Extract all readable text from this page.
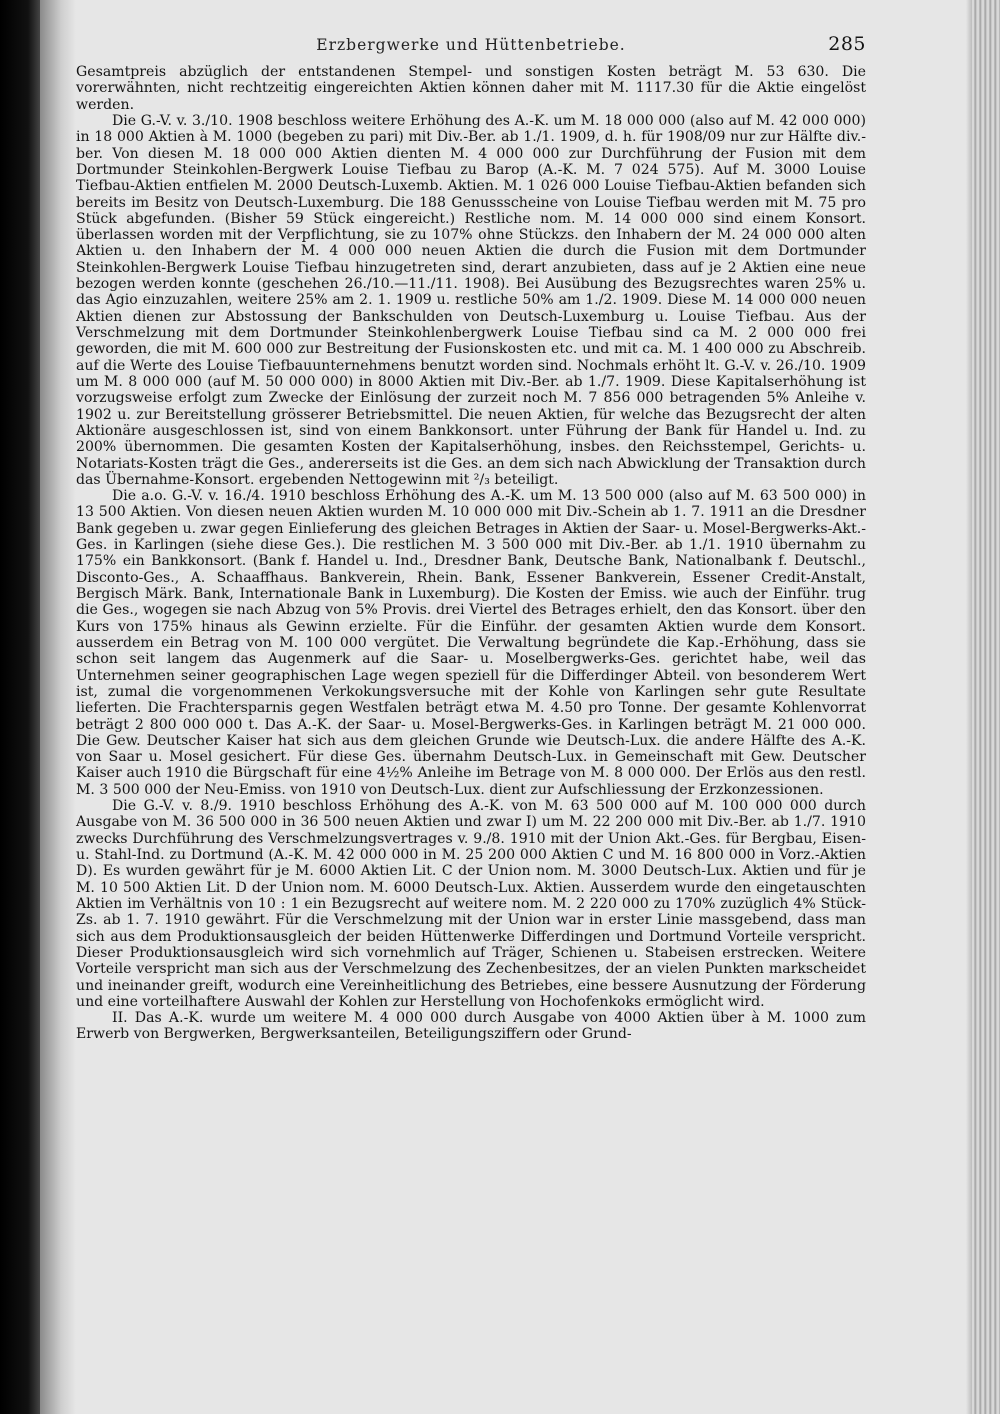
Erzbergwerke und Hüttenbetriebe.	285

Gesamtpreis abzüglich der entstandenen Stempel- und sonstigen Kosten beträgt M. 53 630. Die vorerwähnten, nicht rechtzeitig eingereichten Aktien können daher mit M. 1117.30 für die Aktie eingelöst werden.

Die G.-V. v. 3./10. 1908 beschloss weitere Erhöhung des A.-K. um M. 18 000 000 (also auf M. 42 000 000) in 18 000 Aktien à M. 1000 (begeben zu pari) mit Div.-Ber. ab 1./1. 1909, d. h. für 1908/09 nur zur Hälfte div.-ber. Von diesen M. 18 000 000 Aktien dienten M. 4 000 000 zur Durchführung der Fusion mit dem Dortmunder Steinkohlen-Bergwerk Louise Tiefbau zu Barop (A.-K. M. 7 024 575). Auf M. 3000 Louise Tiefbau-Aktien entfielen M. 2000 Deutsch-Luxemb. Aktien. M. 1 026 000 Louise Tiefbau-Aktien befanden sich bereits im Besitz von Deutsch-Luxemburg. Die 188 Genussscheine von Louise Tiefbau werden mit M. 75 pro Stück abgefunden. (Bisher 59 Stück eingereicht.) Restliche nom. M. 14 000 000 sind einem Konsort. überlassen worden mit der Verpflichtung, sie zu 107% ohne Stückzs. den Inhabern der M. 24 000 000 alten Aktien u. den Inhabern der M. 4 000 000 neuen Aktien die durch die Fusion mit dem Dortmunder Steinkohlen-Bergwerk Louise Tiefbau hinzugetreten sind, derart anzubieten, dass auf je 2 Aktien eine neue bezogen werden konnte (geschehen 26./10.—11./11. 1908). Bei Ausübung des Bezugsrechtes waren 25% u. das Agio einzuzahlen, weitere 25% am 2. 1. 1909 u. restliche 50% am 1./2. 1909. Diese M. 14 000 000 neuen Aktien dienen zur Abstossung der Bankschulden von Deutsch-Luxemburg u. Louise Tiefbau. Aus der Verschmelzung mit dem Dortmunder Steinkohlenbergwerk Louise Tiefbau sind ca M. 2 000 000 frei geworden, die mit M. 600 000 zur Bestreitung der Fusionskosten etc. und mit ca. M. 1 400 000 zu Abschreib. auf die Werte des Louise Tiefbauunternehmens benutzt worden sind. Nochmals erhöht lt. G.-V. v. 26./10. 1909 um M. 8 000 000 (auf M. 50 000 000) in 8000 Aktien mit Div.-Ber. ab 1./7. 1909. Diese Kapitalserhöhung ist vorzugsweise erfolgt zum Zwecke der Einlösung der zurzeit noch M. 7 856 000 betragenden 5% Anleihe v. 1902 u. zur Bereitstellung grösserer Betriebsmittel. Die neuen Aktien, für welche das Bezugsrecht der alten Aktionäre ausgeschlossen ist, sind von einem Bankkonsort. unter Führung der Bank für Handel u. Ind. zu 200% übernommen. Die gesamten Kosten der Kapitalserhöhung, insbes. den Reichsstempel, Gerichts- u. Notariats-Kosten trägt die Ges., andererseits ist die Ges. an dem sich nach Abwicklung der Transaktion durch das Übernahme-Konsort. ergebenden Nettogewinn mit ²/₃ beteiligt.

Die a.o. G.-V. v. 16./4. 1910 beschloss Erhöhung des A.-K. um M. 13 500 000 (also auf M. 63 500 000) in 13 500 Aktien. Von diesen neuen Aktien wurden M. 10 000 000 mit Div.-Schein ab 1. 7. 1911 an die Dresdner Bank gegeben u. zwar gegen Einlieferung des gleichen Betrages in Aktien der Saar- u. Mosel-Bergwerks-Akt.-Ges. in Karlingen (siehe diese Ges.). Die restlichen M. 3 500 000 mit Div.-Ber. ab 1./1. 1910 übernahm zu 175% ein Bankkonsort. (Bank f. Handel u. Ind., Dresdner Bank, Deutsche Bank, Nationalbank f. Deutschl., Disconto-Ges., A. Schaaffhaus. Bankverein, Rhein. Bank, Essener Bankverein, Essener Credit-Anstalt, Bergisch Märk. Bank, Internationale Bank in Luxemburg). Die Kosten der Emiss. wie auch der Einführ. trug die Ges., wogegen sie nach Abzug von 5% Provis. drei Viertel des Betrages erhielt, den das Konsort. über den Kurs von 175% hinaus als Gewinn erzielte. Für die Einführ. der gesamten Aktien wurde dem Konsort. ausserdem ein Betrag von M. 100 000 vergütet. Die Verwaltung begründete die Kap.-Erhöhung, dass sie schon seit langem das Augenmerk auf die Saar- u. Moselbergwerks-Ges. gerichtet habe, weil das Unternehmen seiner geographischen Lage wegen speziell für die Differdinger Abteil. von besonderem Wert ist, zumal die vorgenommenen Verkokungsversuche mit der Kohle von Karlingen sehr gute Resultate lieferten. Die Frachtersparnis gegen Westfalen beträgt etwa M. 4.50 pro Tonne. Der gesamte Kohlenvorrat beträgt 2 800 000 000 t. Das A.-K. der Saar- u. Mosel-Bergwerks-Ges. in Karlingen beträgt M. 21 000 000. Die Gew. Deutscher Kaiser hat sich aus dem gleichen Grunde wie Deutsch-Lux. die andere Hälfte des A.-K. von Saar u. Mosel gesichert. Für diese Ges. übernahm Deutsch-Lux. in Gemeinschaft mit Gew. Deutscher Kaiser auch 1910 die Bürgschaft für eine 4½% Anleihe im Betrage von M. 8 000 000. Der Erlös aus den restl. M. 3 500 000 der Neu-Emiss. von 1910 von Deutsch-Lux. dient zur Aufschliessung der Erzkonzessionen.

Die G.-V. v. 8./9. 1910 beschloss Erhöhung des A.-K. von M. 63 500 000 auf M. 100 000 000 durch Ausgabe von M. 36 500 000 in 36 500 neuen Aktien und zwar I) um M. 22 200 000 mit Div.-Ber. ab 1./7. 1910 zwecks Durchführung des Verschmelzungsvertrages v. 9./8. 1910 mit der Union Akt.-Ges. für Bergbau, Eisen- u. Stahl-Ind. zu Dortmund (A.-K. M. 42 000 000 in M. 25 200 000 Aktien C und M. 16 800 000 in Vorz.-Aktien D). Es wurden gewährt für je M. 6000 Aktien Lit. C der Union nom. M. 3000 Deutsch-Lux. Aktien und für je M. 10 500 Aktien Lit. D der Union nom. M. 6000 Deutsch-Lux. Aktien. Ausserdem wurde den eingetauschten Aktien im Verhältnis von 10 : 1 ein Bezugsrecht auf weitere nom. M. 2 220 000 zu 170% zuzüglich 4% Stück-Zs. ab 1. 7. 1910 gewährt. Für die Verschmelzung mit der Union war in erster Linie massgebend, dass man sich aus dem Produktionsausgleich der beiden Hüttenwerke Differdingen und Dortmund Vorteile verspricht. Dieser Produktionsausgleich wird sich vornehmlich auf Träger, Schienen u. Stabeisen erstrecken. Weitere Vorteile verspricht man sich aus der Verschmelzung des Zechenbesitzes, der an vielen Punkten markscheidet und ineinander greift, wodurch eine Vereinheitlichung des Betriebes, eine bessere Ausnutzung der Förderung und eine vorteilhaftere Auswahl der Kohlen zur Herstellung von Hochofenkoks ermöglicht wird.

II. Das A.-K. wurde um weitere M. 4 000 000 durch Ausgabe von 4000 Aktien über à M. 1000 zum Erwerb von Bergwerken, Bergwerksanteilen, Beteiligungsziffern oder Grund-
